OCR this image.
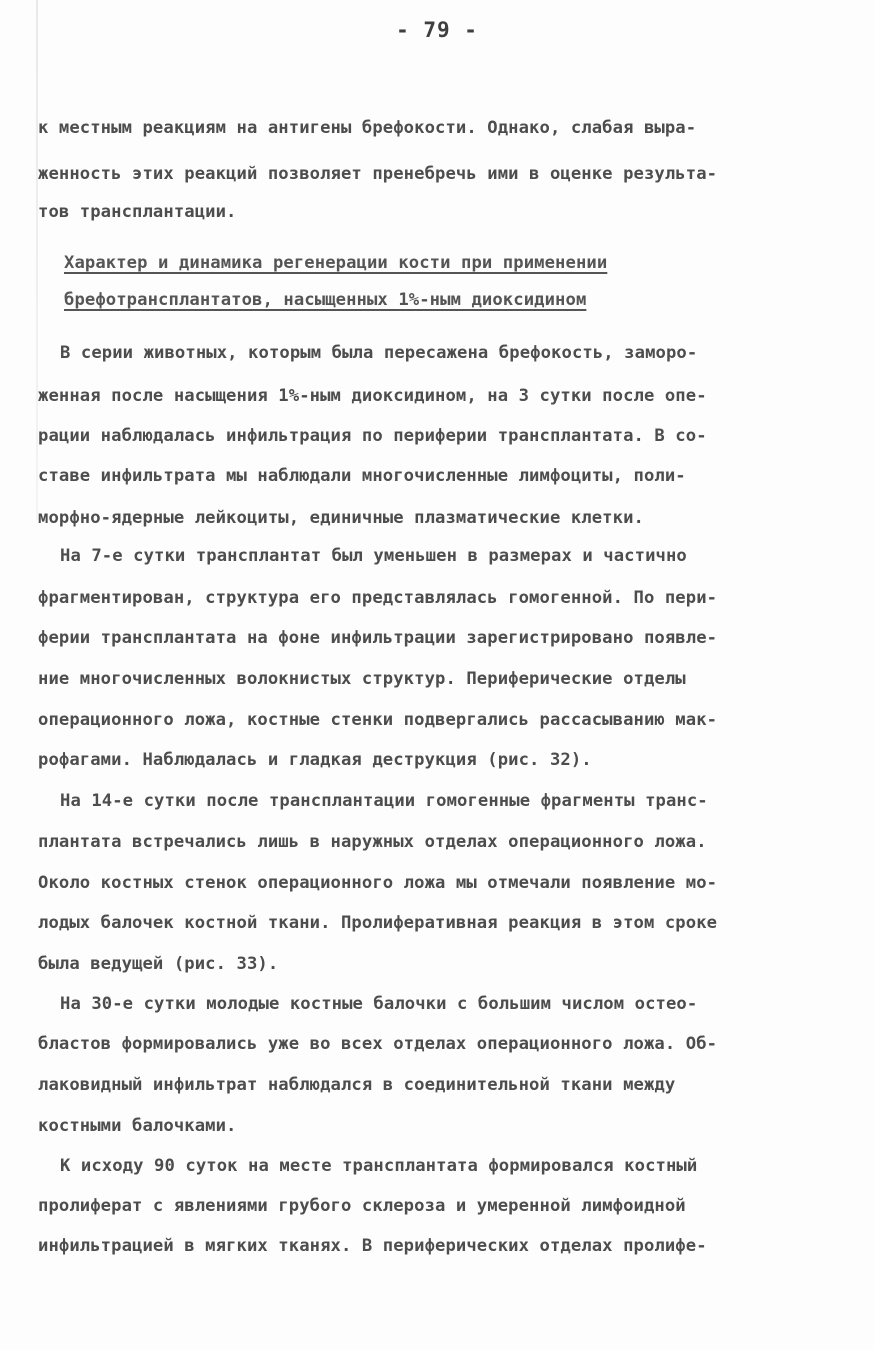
- 79 -
к местным реакциям на антигены брефокости. Однако, слабая выра-
женность этих реакций позволяет пренебречь ими в оценке результа-
тов трансплантации.
Характер и динамика регенерации кости при применении
брефотрансплантатов, насыщенных 1%-ным диоксидином
В серии животных, которым была пересажена брефокость, заморо-
женная после насыщения 1%-ным диоксидином, на 3 сутки после опе-
рации наблюдалась инфильтрация по периферии трансплантата. В со-
ставе инфильтрата мы наблюдали многочисленные лимфоциты, поли-
морфно-ядерные лейкоциты, единичные плазматические клетки.
На 7-е сутки трансплантат был уменьшен в размерах и частично
фрагментирован, структура его представлялась гомогенной. По пери-
ферии трансплантата на фоне инфильтрации зарегистрировано появле-
ние многочисленных волокнистых структур. Периферические отделы
операционного ложа, костные стенки подвергались рассасыванию мак-
рофагами. Наблюдалась и гладкая деструкция (рис. 32).
На 14-е сутки после трансплантации гомогенные фрагменты транс-
плантата встречались лишь в наружных отделах операционного ложа.
Около костных стенок операционного ложа мы отмечали появление мо-
лодых балочек костной ткани. Пролиферативная реакция в этом сроке
была ведущей (рис. 33).
На 30-е сутки молодые костные балочки с большим числом остео-
бластов формировались уже во всех отделах операционного ложа. Об-
лаковидный инфильтрат наблюдался в соединительной ткани между
костными балочками.
К исходу 90 суток на месте трансплантата формировался костный
пролиферат с явлениями грубого склероза и умеренной лимфоидной
инфильтрацией в мягких тканях. В периферических отделах пролифе-
